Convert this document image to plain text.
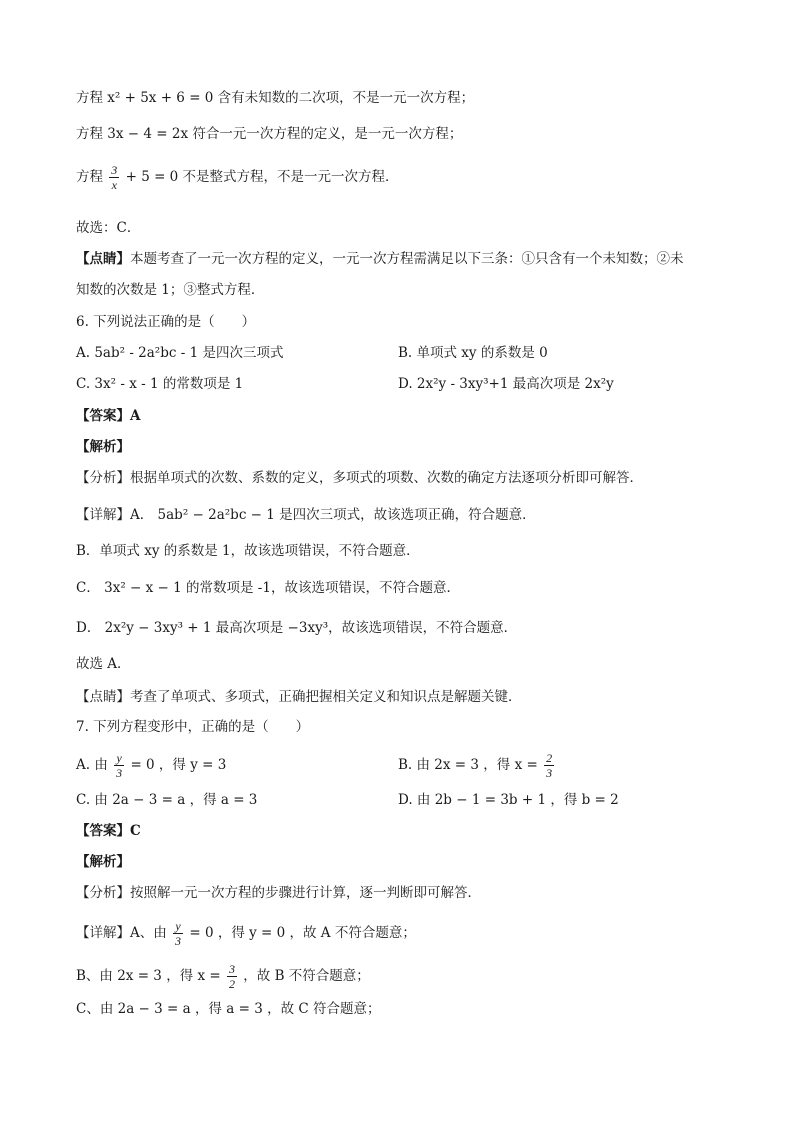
方程 x² + 5x + 6 = 0 含有未知数的二次项，不是一元一次方程；
方程 3x − 4 = 2x 符合一元一次方程的定义，是一元一次方程；
方程 $\frac{3}{x} + 5 = 0$ 不是整式方程，不是一元一次方程．
故选：C．
【点睛】本题考查了一元一次方程的定义，一元一次方程需满足以下三条：①只含有一个未知数；②未
知数的次数是 1；③整式方程．
6. 下列说法正确的是（　　）
A. 5ab² - 2a²bc - 1 是四次三项式	B. 单项式 xy 的系数是 0
C. 3x² - x - 1 的常数项是 1	D. 2x²y - 3xy³+1 最高次项是 2x²y
【答案】A
【解析】
【分析】根据单项式的次数、系数的定义，多项式的项数、次数的确定方法逐项分析即可解答．
【详解】A． 5ab² − 2a²bc − 1 是四次三项式，故该选项正确，符合题意．
B．单项式 xy 的系数是 1，故该选项错误，不符合题意．
C． 3x² − x − 1 的常数项是 -1，故该选项错误，不符合题意．
D． 2x²y − 3xy³ + 1 最高次项是 −3xy³，故该选项错误，不符合题意．
故选 A．
【点睛】考查了单项式、多项式，正确把握相关定义和知识点是解题关键．
7. 下列方程变形中，正确的是（　　）
A. 由 $\frac{y}{3} = 0$ ，得 y = 3	B. 由 2x = 3 ，得 $x = \frac{2}{3}$
C. 由 2a − 3 = a ，得 a = 3	D. 由 2b − 1 = 3b + 1 ，得 b = 2
【答案】C
【解析】
【分析】按照解一元一次方程的步骤进行计算，逐一判断即可解答．
【详解】A、由 $\frac{y}{3} = 0$ ，得 y = 0 ，故 A 不符合题意；
B、由 2x = 3 ，得 $x = \frac{3}{2}$ ，故 B 不符合题意；
C、由 2a − 3 = a ，得 a = 3 ，故 C 符合题意；
